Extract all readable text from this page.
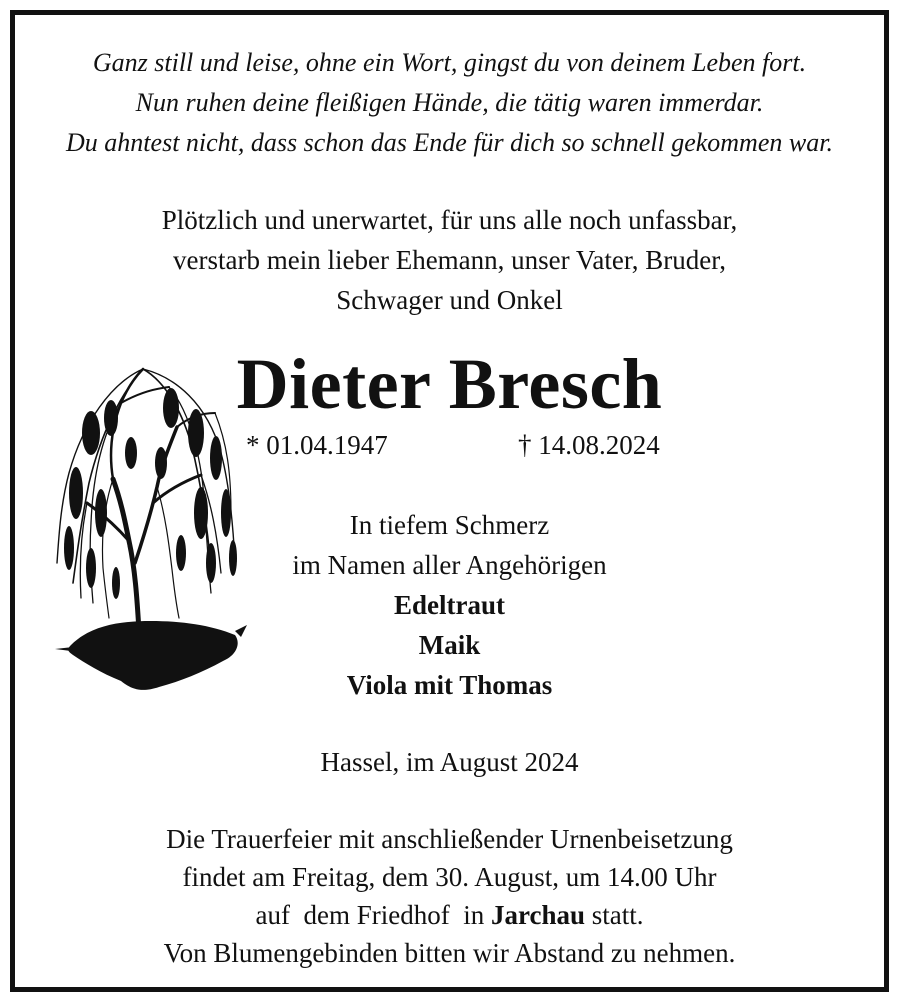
Ganz still und leise, ohne ein Wort, gingst du von deinem Leben fort.
Nun ruhen deine fleißigen Hände, die tätig waren immerdar.
Du ahntest nicht, dass schon das Ende für dich so schnell gekommen war.
Plötzlich und unerwartet, für uns alle noch unfassbar,
verstarb mein lieber Ehemann, unser Vater, Bruder,
Schwager und Onkel
Dieter Bresch
* 01.04.1947	† 14.08.2024
In tiefem Schmerz
im Namen aller Angehörigen
Edeltraut
Maik
Viola mit Thomas
Hassel, im August 2024
Die Trauerfeier mit anschließender Urnenbeisetzung
findet am Freitag, dem 30. August, um 14.00 Uhr
auf  dem Friedhof  in Jarchau statt.
Von Blumengebinden bitten wir Abstand zu nehmen.
